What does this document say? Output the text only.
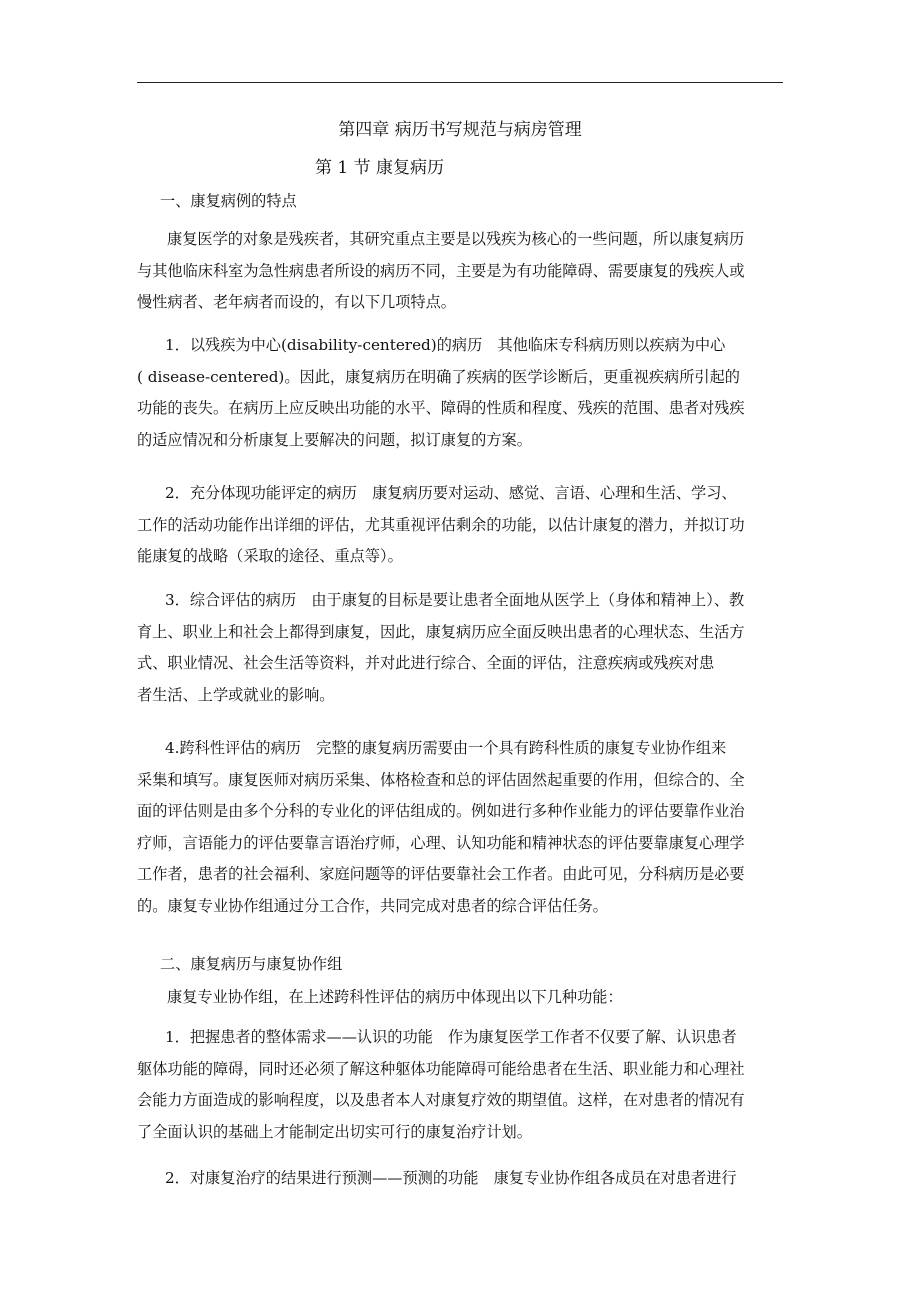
第四章 病历书写规范与病房管理
第 1 节 康复病历

一、康复病例的特点

康复医学的对象是残疾者，其研究重点主要是以残疾为核心的一些问题，所以康复病历
与其他临床科室为急性病患者所设的病历不同，主要是为有功能障碍、需要康复的残疾人或
慢性病者、老年病者而设的，有以下几项特点。
1．以残疾为中心(disability-centered)的病历　其他临床专科病历则以疾病为中心
( disease-centered)。因此，康复病历在明确了疾病的医学诊断后，更重视疾病所引起的
功能的丧失。在病历上应反映出功能的水平、障碍的性质和程度、残疾的范围、患者对残疾
的适应情况和分析康复上要解决的问题，拟订康复的方案。
2．充分体现功能评定的病历　康复病历要对运动、感觉、言语、心理和生活、学习、
工作的活动功能作出详细的评估，尤其重视评估剩余的功能，以估计康复的潜力，并拟订功
能康复的战略（采取的途径、重点等）。
3．综合评估的病历　由于康复的目标是要让患者全面地从医学上（身体和精神上）、教
育上、职业上和社会上都得到康复，因此，康复病历应全面反映出患者的心理状态、生活方
式、职业情况、社会生活等资料，并对此进行综合、全面的评估，注意疾病或残疾对患
者生活、上学或就业的影响。
4.跨科性评估的病历　完整的康复病历需要由一个具有跨科性质的康复专业协作组来
采集和填写。康复医师对病历采集、体格检查和总的评估固然起重要的作用，但综合的、全
面的评估则是由多个分科的专业化的评估组成的。例如进行多种作业能力的评估要靠作业治
疗师，言语能力的评估要靠言语治疗师，心理、认知功能和精神状态的评估要靠康复心理学
工作者，患者的社会福利、家庭问题等的评估要靠社会工作者。由此可见，分科病历是必要
的。康复专业协作组通过分工合作，共同完成对患者的综合评估任务。

二、康复病历与康复协作组

康复专业协作组，在上述跨科性评估的病历中体现出以下几种功能：
1．把握患者的整体需求——认识的功能　作为康复医学工作者不仅要了解、认识患者
躯体功能的障碍，同时还必须了解这种躯体功能障碍可能给患者在生活、职业能力和心理社
会能力方面造成的影响程度，以及患者本人对康复疗效的期望值。这样，在对患者的情况有
了全面认识的基础上才能制定出切实可行的康复治疗计划。
2．对康复治疗的结果进行预测——预测的功能　康复专业协作组各成员在对患者进行
